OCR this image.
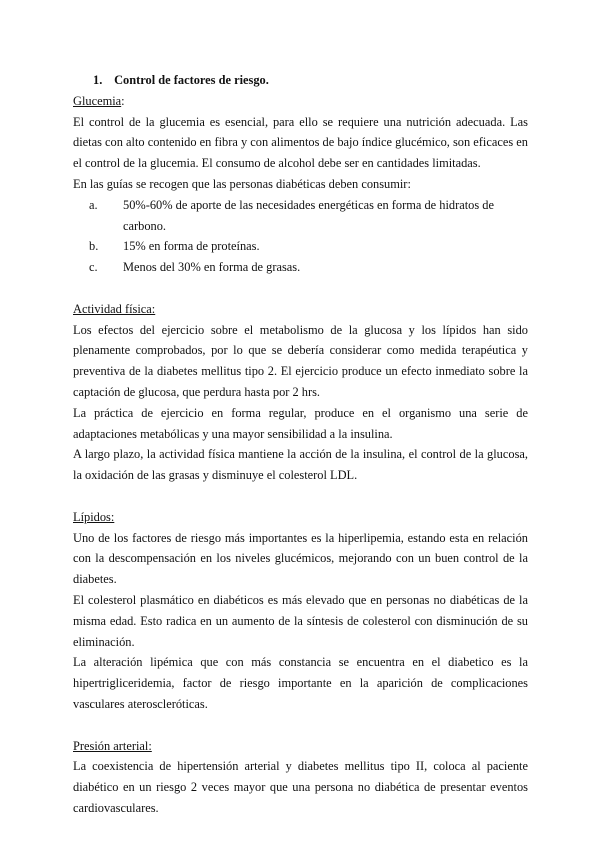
1. Control de factores de riesgo.
Glucemia:

El control de la glucemia es esencial, para ello se requiere una nutrición adecuada. Las dietas con alto contenido en fibra y con alimentos de bajo índice glucémico, son eficaces en el control de la glucemia. El consumo de alcohol debe ser en cantidades limitadas.

En las guías se recogen que las personas diabéticas deben consumir:

a. 50%-60% de aporte de las necesidades energéticas en forma de hidratos de carbono.
b. 15% en forma de proteínas.
c. Menos del 30% en forma de grasas.
Actividad física:

Los efectos del ejercicio sobre el metabolismo de la glucosa y los lípidos han sido plenamente comprobados, por lo que se debería considerar como medida terapéutica y preventiva de la diabetes mellitus tipo 2. El ejercicio produce un efecto inmediato sobre la captación de glucosa, que perdura hasta por 2 hrs.

La práctica de ejercicio en forma regular, produce en el organismo una serie de adaptaciones metabólicas y una mayor sensibilidad a la insulina.

A largo plazo, la actividad física mantiene la acción de la insulina, el control de la glucosa, la oxidación de las grasas y disminuye el colesterol LDL.

Lípidos:

Uno de los factores de riesgo más importantes es la hiperlipemia, estando esta en relación con la descompensación en los niveles glucémicos, mejorando con un buen control de la diabetes.

El colesterol plasmático en diabéticos es más elevado que en personas no diabéticas de la misma edad. Esto radica en un aumento de la síntesis de colesterol con disminución de su eliminación.

La alteración lipémica que con más constancia se encuentra en el diabetico es la hipertrigliceridemia, factor de riesgo importante en la aparición de complicaciones vasculares ateroscleróticas.

Presión arterial:

La coexistencia de hipertensión arterial y diabetes mellitus tipo II, coloca al paciente diabético en un riesgo 2 veces mayor que una persona no diabética de presentar eventos cardiovasculares.
